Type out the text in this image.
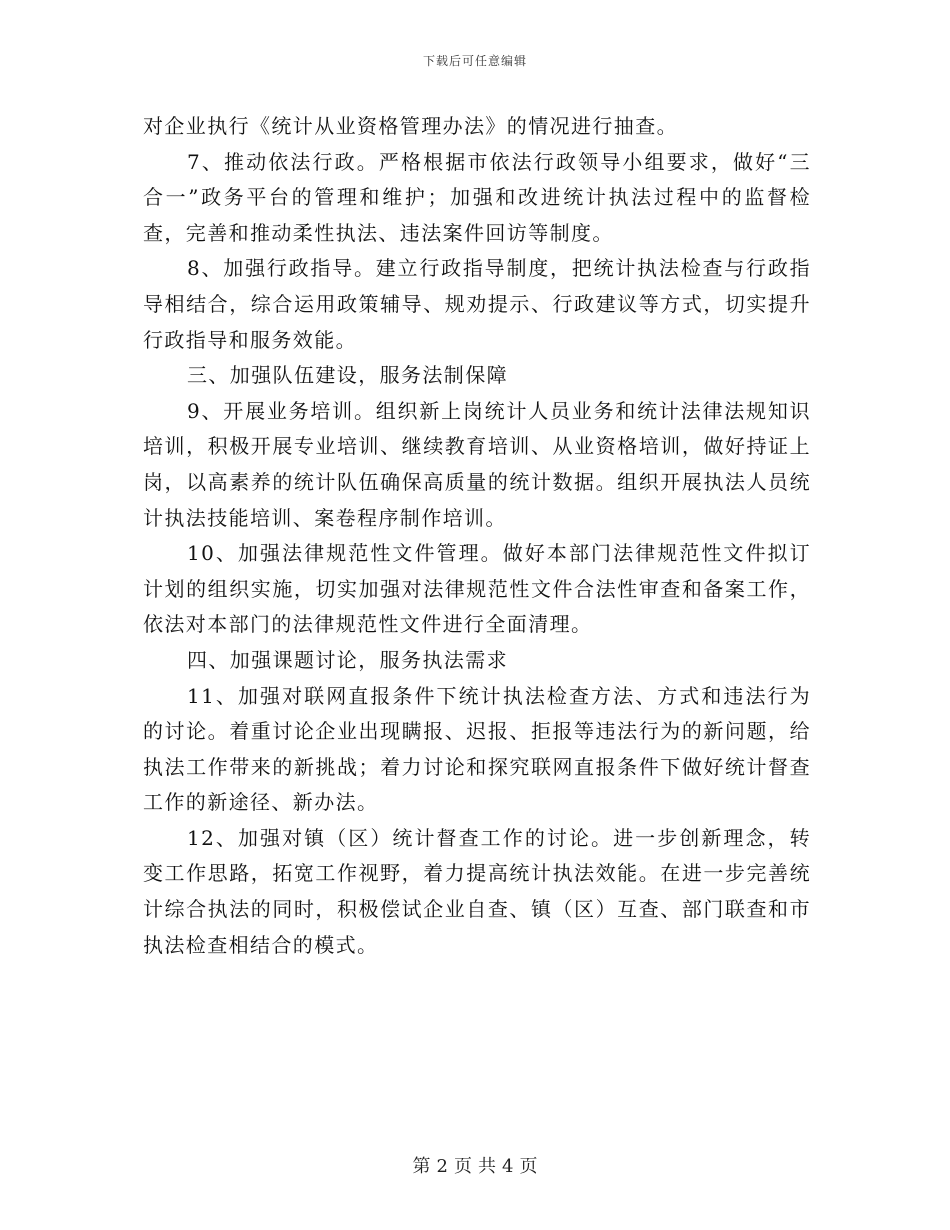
下载后可任意编辑

对企业执行《统计从业资格管理办法》的情况进行抽查。

7、推动依法行政。严格根据市依法行政领导小组要求，做好“三合一”政务平台的管理和维护；加强和改进统计执法过程中的监督检查，完善和推动柔性执法、违法案件回访等制度。

8、加强行政指导。建立行政指导制度，把统计执法检查与行政指导相结合，综合运用政策辅导、规劝提示、行政建议等方式，切实提升行政指导和服务效能。

三、加强队伍建设，服务法制保障

9、开展业务培训。组织新上岗统计人员业务和统计法律法规知识培训，积极开展专业培训、继续教育培训、从业资格培训，做好持证上岗，以高素养的统计队伍确保高质量的统计数据。组织开展执法人员统计执法技能培训、案卷程序制作培训。

10、加强法律规范性文件管理。做好本部门法律规范性文件拟订计划的组织实施，切实加强对法律规范性文件合法性审查和备案工作，依法对本部门的法律规范性文件进行全面清理。

四、加强课题讨论，服务执法需求

11、加强对联网直报条件下统计执法检查方法、方式和违法行为的讨论。着重讨论企业出现瞒报、迟报、拒报等违法行为的新问题，给执法工作带来的新挑战；着力讨论和探究联网直报条件下做好统计督查工作的新途径、新办法。

12、加强对镇（区）统计督查工作的讨论。进一步创新理念，转变工作思路，拓宽工作视野，着力提高统计执法效能。在进一步完善统计综合执法的同时，积极偿试企业自查、镇（区）互查、部门联查和市执法检查相结合的模式。

第 2 页 共 4 页
